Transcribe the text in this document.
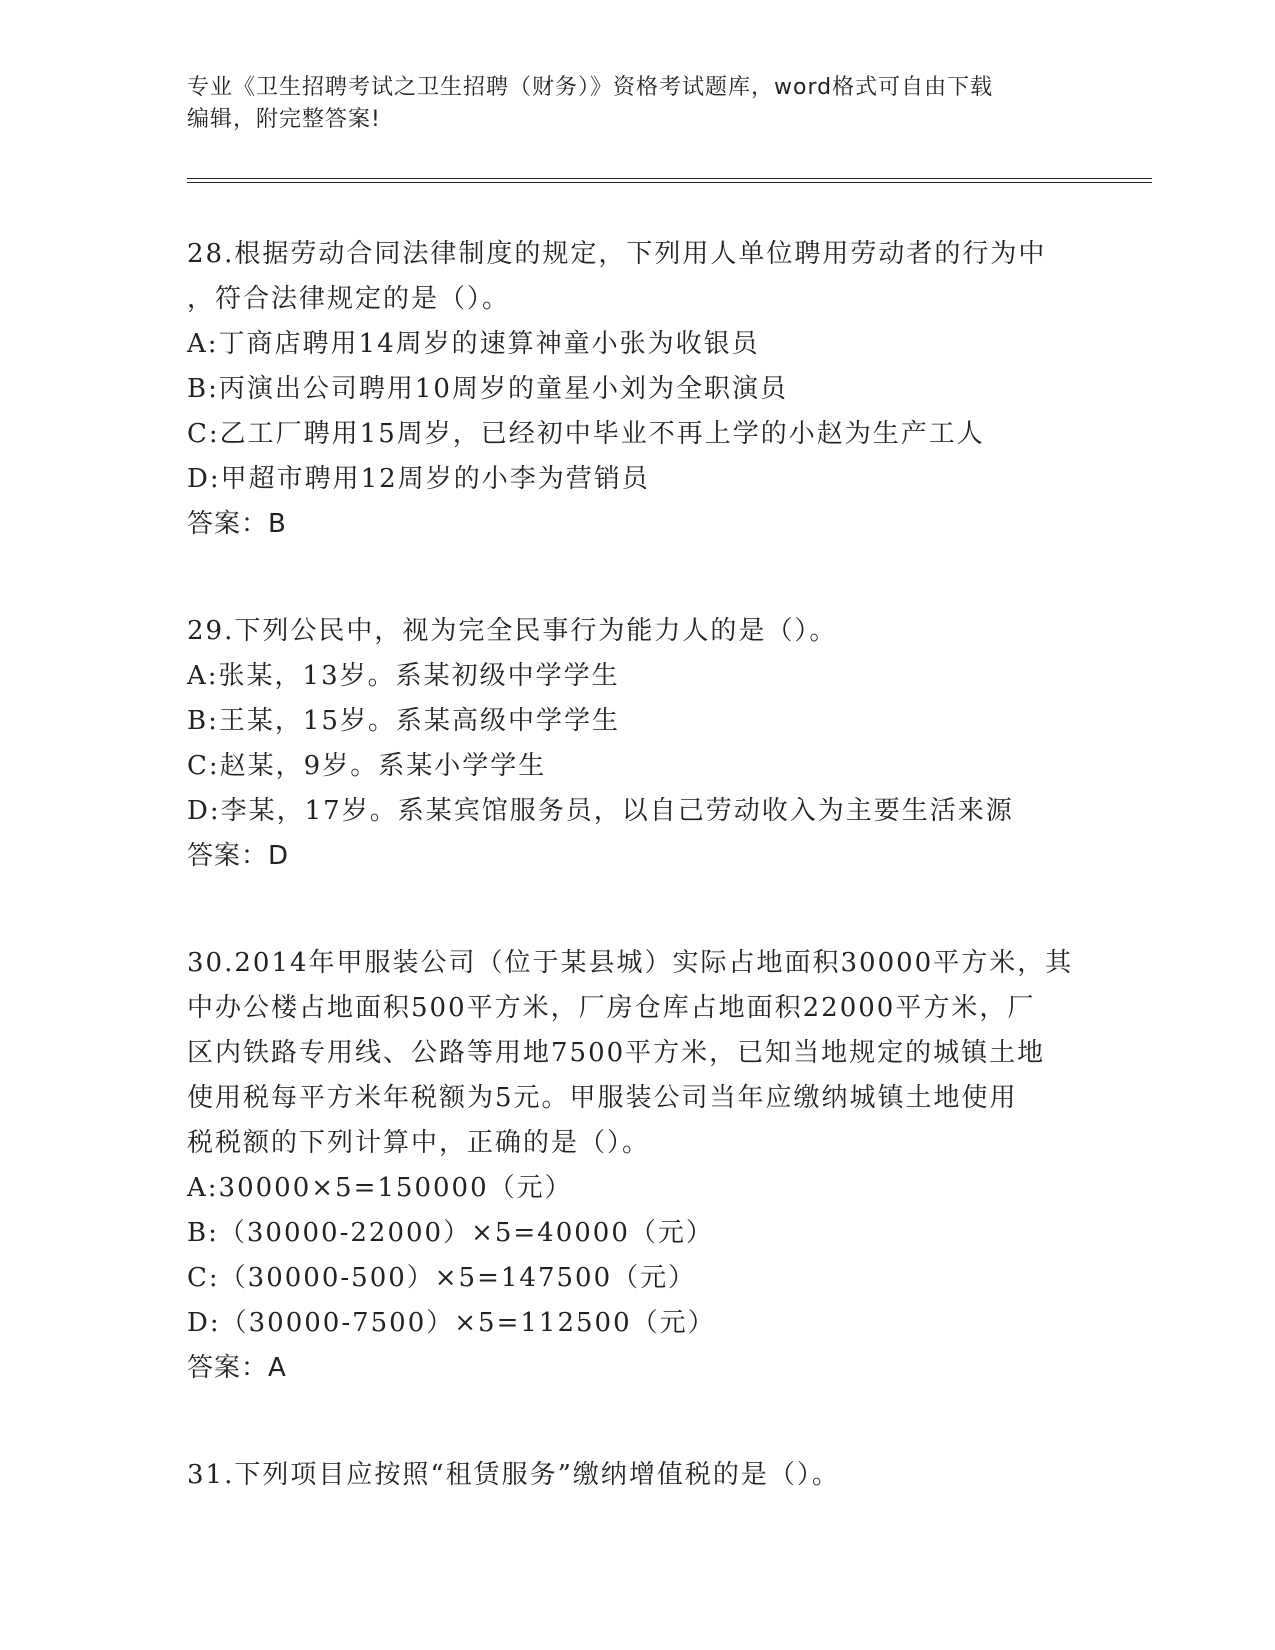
专业《卫生招聘考试之卫生招聘（财务）》资格考试题库，word格式可自由下载
编辑，附完整答案!

28.根据劳动合同法律制度的规定，下列用人单位聘用劳动者的行为中
，符合法律规定的是（）。

A:丁商店聘用14周岁的速算神童小张为收银员

B:丙演出公司聘用10周岁的童星小刘为全职演员

C:乙工厂聘用15周岁，已经初中毕业不再上学的小赵为生产工人

D:甲超市聘用12周岁的小李为营销员

答案：B

29.下列公民中，视为完全民事行为能力人的是（）。

A:张某，13岁。系某初级中学学生

B:王某，15岁。系某高级中学学生

C:赵某，9岁。系某小学学生

D:李某，17岁。系某宾馆服务员，以自己劳动收入为主要生活来源

答案：D

30.2014年甲服装公司（位于某县城）实际占地面积30000平方米，其
中办公楼占地面积500平方米，厂房仓库占地面积22000平方米，厂
区内铁路专用线、公路等用地7500平方米，已知当地规定的城镇土地
使用税每平方米年税额为5元。甲服装公司当年应缴纳城镇土地使用
税税额的下列计算中，正确的是（）。

A:30000×5=150000（元）

B:（30000-22000）×5=40000（元）

C:（30000-500）×5=147500（元）

D:（30000-7500）×5=112500（元）

答案：A

31.下列项目应按照“租赁服务”缴纳增值税的是（）。
